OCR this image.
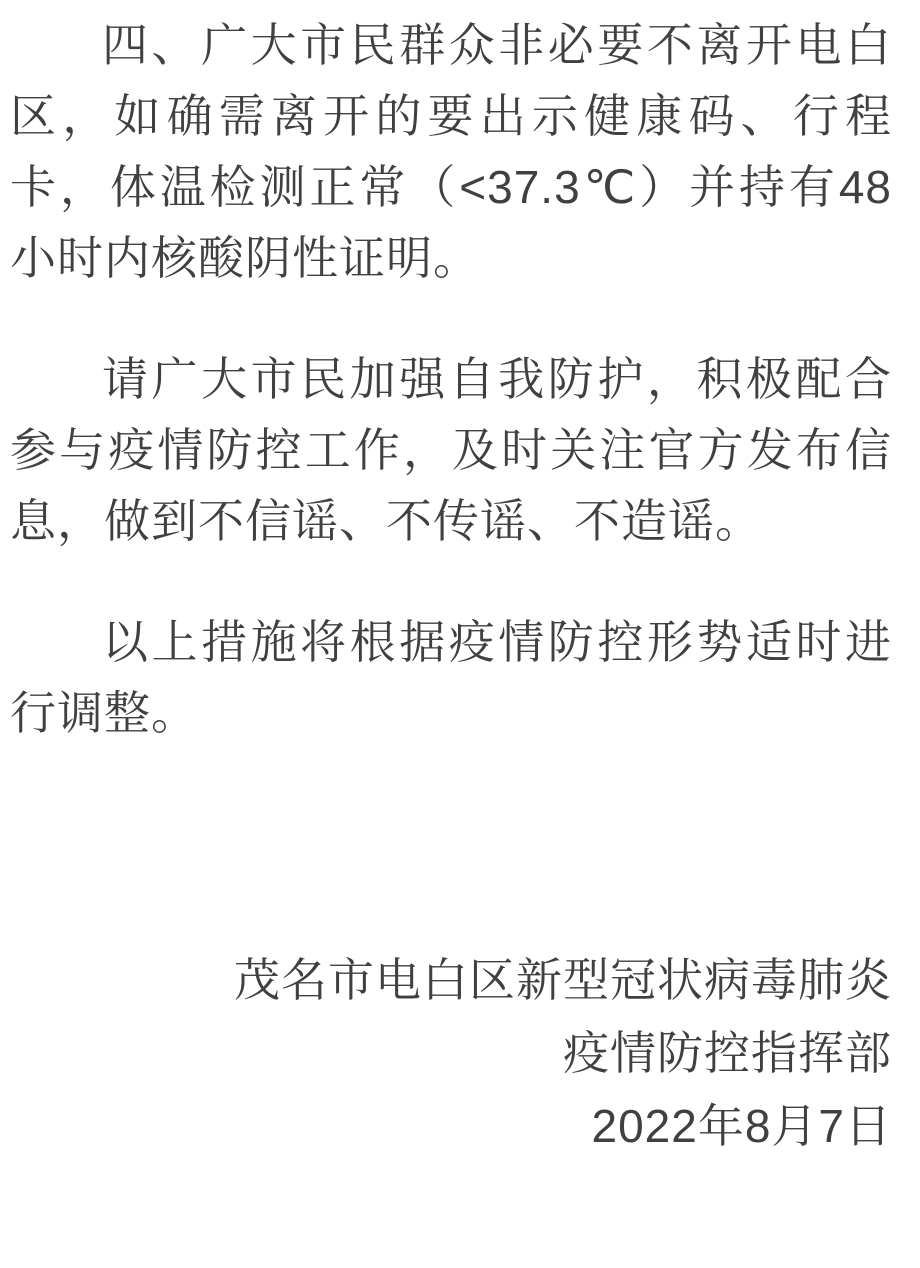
四、广大市民群众非必要不离开电白区，如确需离开的要出示健康码、行程卡，体温检测正常（<37.3℃）并持有48小时内核酸阴性证明。

请广大市民加强自我防护，积极配合参与疫情防控工作，及时关注官方发布信息，做到不信谣、不传谣、不造谣。

以上措施将根据疫情防控形势适时进行调整。

茂名市电白区新型冠状病毒肺炎

疫情防控指挥部

2022年8月7日
